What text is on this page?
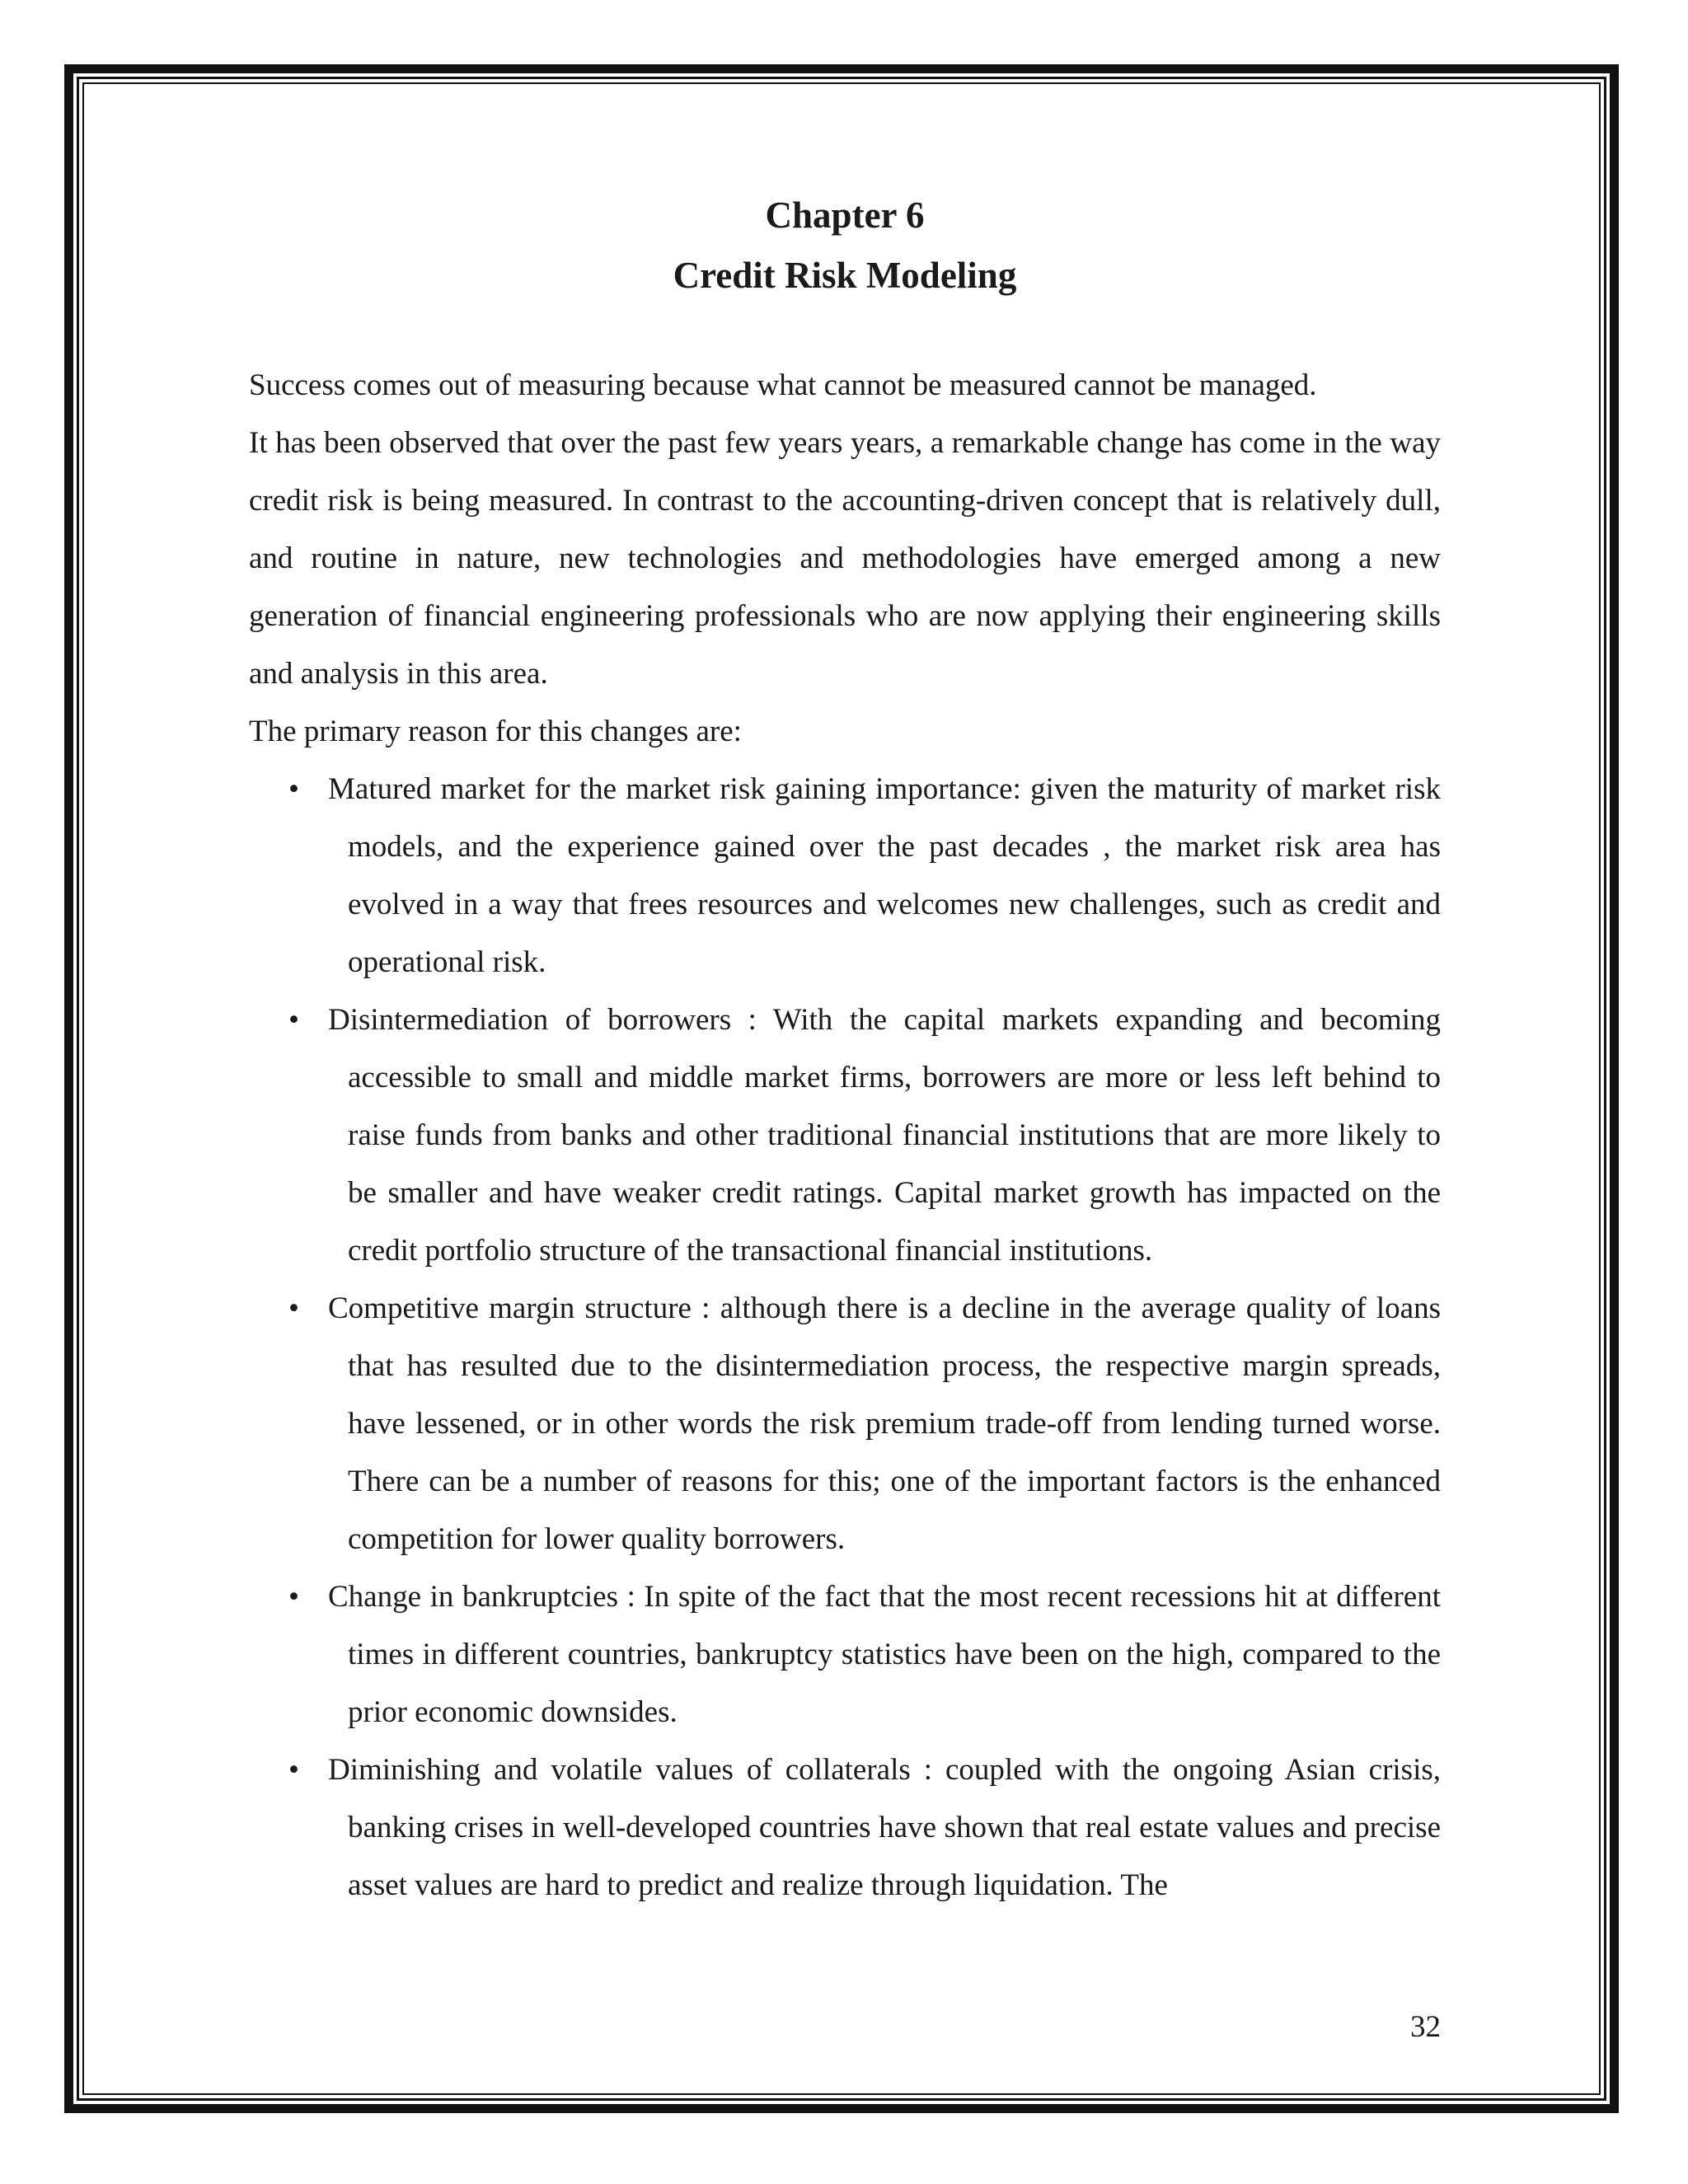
Chapter 6
Credit Risk Modeling

Success comes out of measuring because what cannot be measured cannot be managed.

It has been observed that over the past few years years, a remarkable change has come in the way credit risk is being measured. In contrast to the accounting-driven concept that is relatively dull, and routine in nature, new technologies and methodologies have emerged among a new generation of financial engineering professionals who are now applying their engineering skills and analysis in this area.

The primary reason for this changes are:

• Matured market for the market risk gaining importance: given the maturity of market risk models, and the experience gained over the past decades , the market risk area has evolved in a way that frees resources and welcomes new challenges, such as credit and operational risk.
• Disintermediation of borrowers : With the capital markets expanding and becoming accessible to small and middle market firms, borrowers are more or less left behind to raise funds from banks and other traditional financial institutions that are more likely to be smaller and have weaker credit ratings. Capital market growth has impacted on the credit portfolio structure of the transactional financial institutions.
• Competitive margin structure : although there is a decline in the average quality of loans that has resulted due to the disintermediation process, the respective margin spreads, have lessened, or in other words the risk premium trade-off from lending turned worse. There can be a number of reasons for this; one of the important factors is the enhanced competition for lower quality borrowers.
• Change in bankruptcies : In spite of the fact that the most recent recessions hit at different times in different countries, bankruptcy statistics have been on the high, compared to the prior economic downsides.
• Diminishing and volatile values of collaterals : coupled with the ongoing Asian crisis, banking crises in well-developed countries have shown that real estate values and precise asset values are hard to predict and realize through liquidation. The

32
